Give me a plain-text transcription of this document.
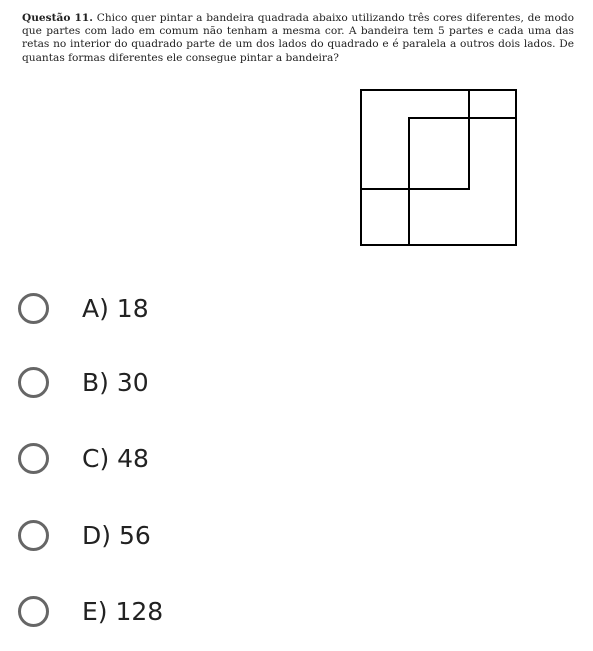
Questão 11. Chico quer pintar a bandeira quadrada abaixo utilizando três cores diferentes, de modo que partes com lado em comum não tenham a mesma cor. A bandeira tem 5 partes e cada uma das retas no interior do quadrado parte de um dos lados do quadrado e é paralela a outros dois lados. De quantas formas diferentes ele consegue pintar a bandeira?

A) 18
B) 30
C) 48
D) 56
E) 128
